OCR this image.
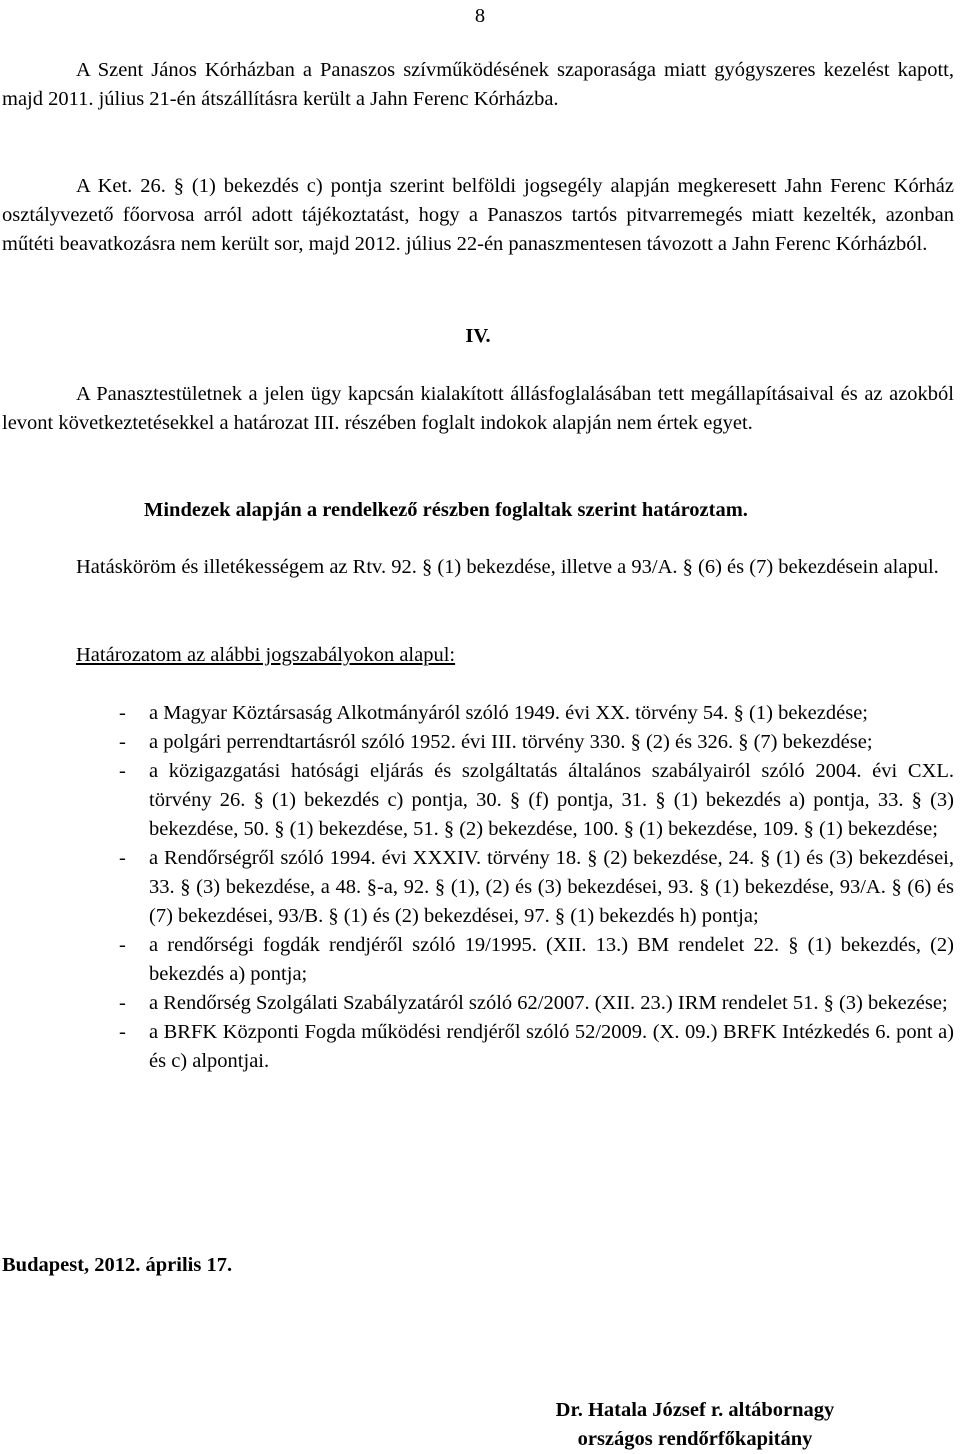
8

A Szent János Kórházban a Panaszos szívműködésének szaporasága miatt gyógyszeres kezelést kapott, majd 2011. július 21-én átszállításra került a Jahn Ferenc Kórházba.

A Ket. 26. § (1) bekezdés c) pontja szerint belföldi jogsegély alapján megkeresett Jahn Ferenc Kórház osztályvezető főorvosa arról adott tájékoztatást, hogy a Panaszos tartós pitvarremegés miatt kezelték, azonban műtéti beavatkozásra nem került sor, majd 2012. július 22-én panaszmentesen távozott a Jahn Ferenc Kórházból.

IV.

A Panasztestületnek a jelen ügy kapcsán kialakított állásfoglalásában tett megállapításaival és az azokból levont következtetésekkel a határozat III. részében foglalt indokok alapján nem értek egyet.

Mindezek alapján a rendelkező részben foglaltak szerint határoztam.

Hatásköröm és illetékességem az Rtv. 92. § (1) bekezdése, illetve a 93/A. § (6) és (7) bekezdésein alapul.

Határozatom az alábbi jogszabályokon alapul:

- a Magyar Köztársaság Alkotmányáról szóló 1949. évi XX. törvény 54. § (1) bekezdése;
- a polgári perrendtartásról szóló 1952. évi III. törvény 330. § (2) és 326. § (7) bekezdése;
- a közigazgatási hatósági eljárás és szolgáltatás általános szabályairól szóló 2004. évi CXL. törvény 26. § (1) bekezdés c) pontja, 30. § (f) pontja, 31. § (1) bekezdés a) pontja, 33. § (3) bekezdése, 50. § (1) bekezdése, 51. § (2) bekezdése, 100. § (1) bekezdése, 109. § (1) bekezdése;
- a Rendőrségről szóló 1994. évi XXXIV. törvény 18. § (2) bekezdése, 24. § (1) és (3) bekezdései, 33. § (3) bekezdése, a 48. §-a, 92. § (1), (2) és (3) bekezdései, 93. § (1) bekezdése, 93/A. § (6) és (7) bekezdései, 93/B. § (1) és (2) bekezdései, 97. § (1) bekezdés h) pontja;
- a rendőrségi fogdák rendjéről szóló 19/1995. (XII. 13.) BM rendelet 22. § (1) bekezdés, (2) bekezdés a) pontja;
- a Rendőrség Szolgálati Szabályzatáról szóló 62/2007. (XII. 23.) IRM rendelet 51. § (3) bekezése;
- a BRFK Központi Fogda működési rendjéről szóló 52/2009. (X. 09.) BRFK Intézkedés 6. pont a) és c) alpontjai.
Budapest, 2012. április 17.
Dr. Hatala József r. altábornagy
országos rendőrfőkapitány
